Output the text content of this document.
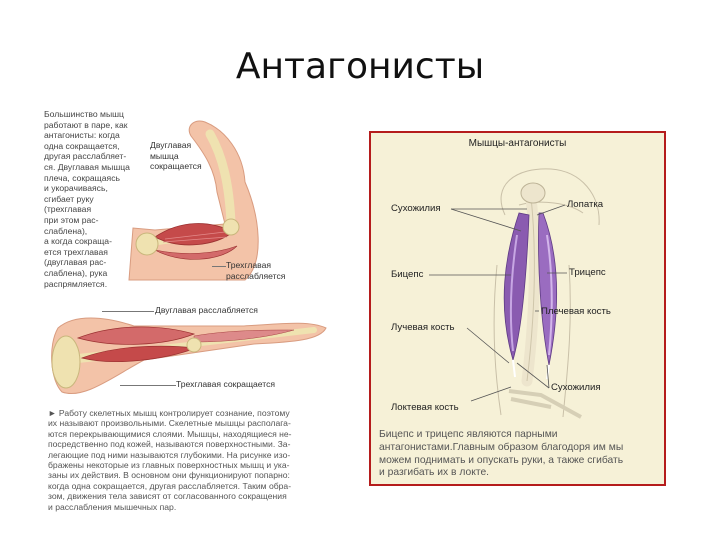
Антагонисты
Большинство мышц
работают в паре, как
антагонисты: когда
одна сокращается,
другая расслабляет-
ся. Двуглавая мышца
плеча, сокращаясь
и укорачиваясь,
сгибает руку
(трехглавая
при этом рас-
слаблена),
а когда сокраща-
ется трехглавая
(двуглавая рас-
слаблена), рука
распрямляется.
Двуглавая
мышца
сокращается
Трехглавая
расслабляется
Двуглавая расслабляется
Трехглавая сокращается
► Работу скелетных мышц контролирует сознание, поэтому
их называют произвольными. Скелетные мышцы располага-
ются перекрывающимися слоями. Мышцы, находящиеся не-
посредственно под кожей, называются поверхностными. За-
легающие под ними называются глубокими. На рисунке изо-
бражены некоторые из главных поверхностных мышц и ука-
заны их действия. В основном они функционируют попарно:
когда одна сокращается, другая расслабляется. Таким обра-
зом, движения тела зависят от согласованного сокращения
и расслабления мышечных пар.
Мышцы-антагонисты
Сухожилия	Лопатка
Бицепс	Трицепс
Плечевая кость
Лучевая кость
Сухожилия
Локтевая кость
Бицепс и трицепс являются парными
антагонистами.Главным образом благодоря им мы
можем поднимать и опускать руки, а также сгибать
и разгибать их в локте.
